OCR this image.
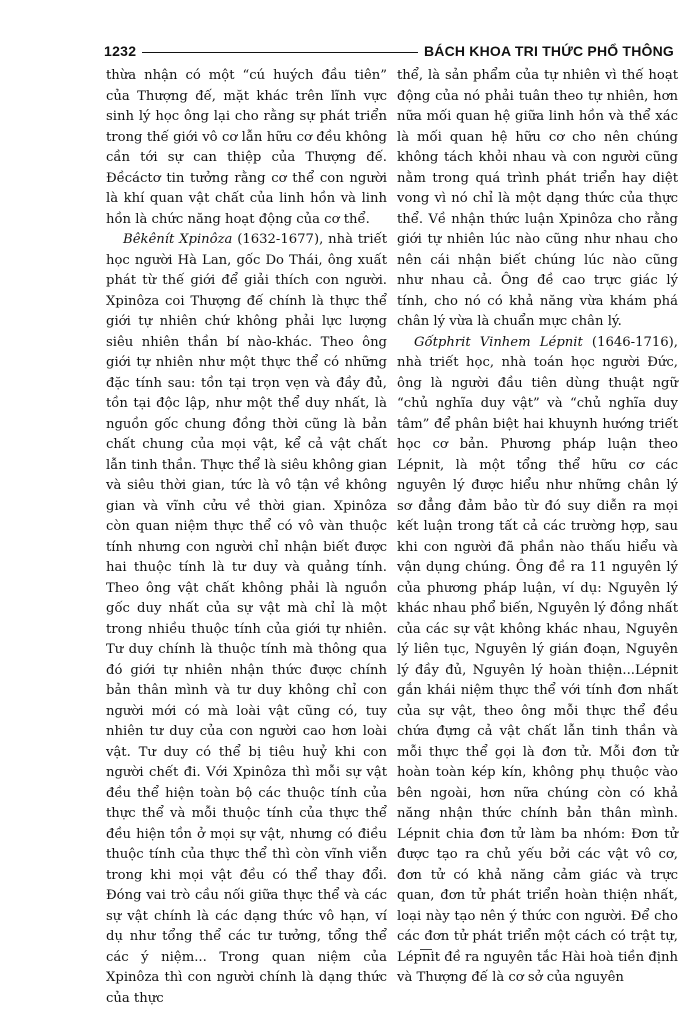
1232	BÁCH KHOA TRI THỨC PHỔ THÔNG

thừa nhận có một “cú huých đầu tiên” của Thượng đế, mặt khác trên lĩnh vực sinh lý học ông lại cho rằng sự phát triển trong thế giới vô cơ lẫn hữu cơ đều không cần tới sự can thiệp của Thượng đế. Đềcáctơ tin tưởng rằng cơ thể con người là khí quan vật chất của linh hồn và linh hồn là chức năng hoạt động của cơ thể.

Bêkênít Xpinôza (1632-1677), nhà triết học người Hà Lan, gốc Do Thái, ông xuất phát từ thế giới để giải thích con người. Xpinôza coi Thượng đế chính là thực thể giới tự nhiên chứ không phải lực lượng siêu nhiên thần bí nào-khác. Theo ông giới tự nhiên như một thực thể có những đặc tính sau: tồn tại trọn vẹn và đầy đủ, tồn tại độc lập, như một thể duy nhất, là nguồn gốc chung đồng thời cũng là bản chất chung của mọi vật, kể cả vật chất lẫn tinh thần. Thực thể là siêu không gian và siêu thời gian, tức là vô tận về không gian và vĩnh cửu về thời gian. Xpinôza còn quan niệm thực thể có vô vàn thuộc tính nhưng con người chỉ nhận biết được hai thuộc tính là tư duy và quảng tính. Theo ông vật chất không phải là nguồn gốc duy nhất của sự vật mà chỉ là một trong nhiều thuộc tính của giới tự nhiên. Tư duy chính là thuộc tính mà thông qua đó giới tự nhiên nhận thức được chính bản thân mình và tư duy không chỉ con người mới có mà loài vật cũng có, tuy nhiên tư duy của con người cao hơn loài vật. Tư duy có thể bị tiêu huỷ khi con người chết đi. Với Xpinôza thì mỗi sự vật đều thể hiện toàn bộ các thuộc tính của thực thể và mỗi thuộc tính của thực thể đều hiện tồn ở mọi sự vật, nhưng có điều thuộc tính của thực thể thì còn vĩnh viễn trong khi mọi vật đều có thể thay đổi. Đóng vai trò cầu nối giữa thực thể và các sự vật chính là các dạng thức vô hạn, ví dụ như tổng thể các tư tưởng, tổng thể các ý niệm... Trong quan niệm của Xpinôza thì con người chính là dạng thức của thực

thể, là sản phẩm của tự nhiên vì thế hoạt động của nó phải tuân theo tự nhiên, hơn nữa mối quan hệ giữa linh hồn và thể xác là mối quan hệ hữu cơ cho nên chúng không tách khỏi nhau và con người cũng nằm trong quá trình phát triển hay diệt vong vì nó chỉ là một dạng thức của thực thể. Về nhận thức luận Xpinôza cho rằng giới tự nhiên lúc nào cũng như nhau cho nên cái nhận biết chúng lúc nào cũng như nhau cả. Ông đề cao trực giác lý tính, cho nó có khả năng vừa khám phá chân lý vừa là chuẩn mực chân lý.

Gốtphrit Vinhem Lépnit (1646-1716), nhà triết học, nhà toán học người Đức, ông là người đầu tiên dùng thuật ngữ “chủ nghĩa duy vật” và “chủ nghĩa duy tâm” để phân biệt hai khuynh hướng triết học cơ bản. Phương pháp luận theo Lépnit, là một tổng thể hữu cơ các nguyên lý được hiểu như những chân lý sơ đẳng đảm bảo từ đó suy diễn ra mọi kết luận trong tất cả các trường hợp, sau khi con người đã phần nào thấu hiểu và vận dụng chúng. Ông đề ra 11 nguyên lý của phương pháp luận, ví dụ: Nguyên lý khác nhau phổ biến, Nguyên lý đồng nhất của các sự vật không khác nhau, Nguyên lý liên tục, Nguyên lý gián đoạn, Nguyên lý đầy đủ, Nguyên lý hoàn thiện...Lépnit gắn khái niệm thực thể với tính đơn nhất của sự vật, theo ông mỗi thực thể đều chứa đựng cả vật chất lẫn tinh thần và mỗi thực thể gọi là đơn tử. Mỗi đơn tử hoàn toàn kép kín, không phụ thuộc vào bên ngoài, hơn nữa chúng còn có khả năng nhận thức chính bản thân mình. Lépnit chia đơn tử làm ba nhóm: Đơn tử được tạo ra chủ yếu bởi các vật vô cơ, đơn tử có khả năng cảm giác và trực quan, đơn tử phát triển hoàn thiện nhất, loại này tạo nên ý thức con người. Để cho các đơn tử phát triển một cách có trật tự, Lépnit đề ra nguyên tắc Hài hoà tiền định và Thượng đế là cơ sở của nguyên
